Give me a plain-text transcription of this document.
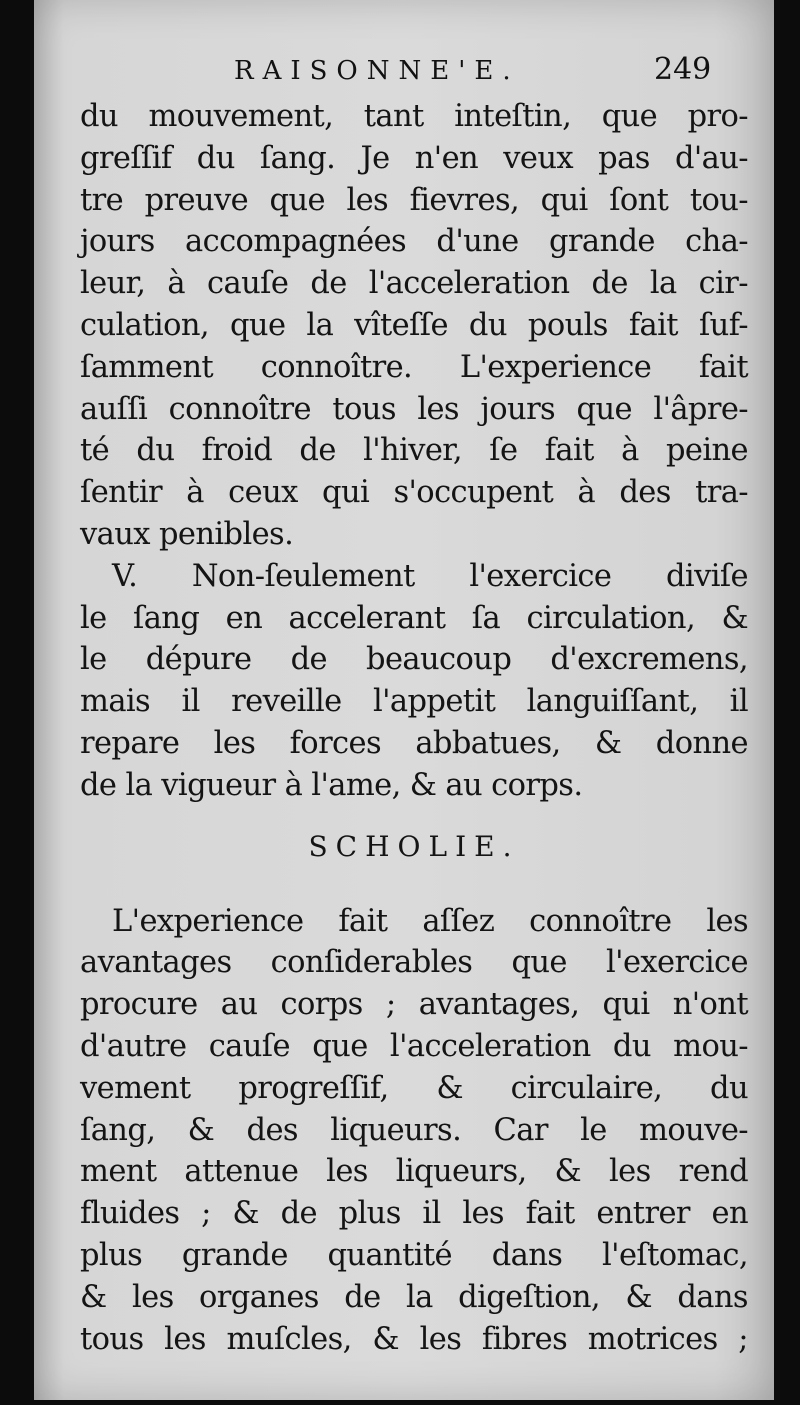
RAISONNE'E.	249
du mouvement, tant inteſtin, que pro-
greſſif du ſang. Je n'en veux pas d'au-
tre preuve que les fievres, qui ſont tou-
jours accompagnées d'une grande cha-
leur, à cauſe de l'acceleration de la cir-
culation, que la vîteſſe du pouls fait ſuf-
ſamment connoître. L'experience fait
auſſi connoître tous les jours que l'âpre-
té du froid de l'hiver, ſe fait à peine
ſentir à ceux qui s'occupent à des tra-
vaux penibles.
V. Non-ſeulement l'exercice diviſe
le ſang en accelerant ſa circulation, &
le dépure de beaucoup d'excremens,
mais il reveille l'appetit languiſſant, il
repare les forces abbatues, & donne
de la vigueur à l'ame, & au corps.
SCHOLIE.
L'experience fait aſſez connoître les
avantages conſiderables que l'exercice
procure au corps ; avantages, qui n'ont
d'autre cauſe que l'acceleration du mou-
vement progreſſif, & circulaire, du
ſang, & des liqueurs. Car le mouve-
ment attenue les liqueurs, & les rend
fluides ; & de plus il les fait entrer en
plus grande quantité dans l'eſtomac,
& les organes de la digeſtion, & dans
tous les muſcles, & les fibres motrices ;
